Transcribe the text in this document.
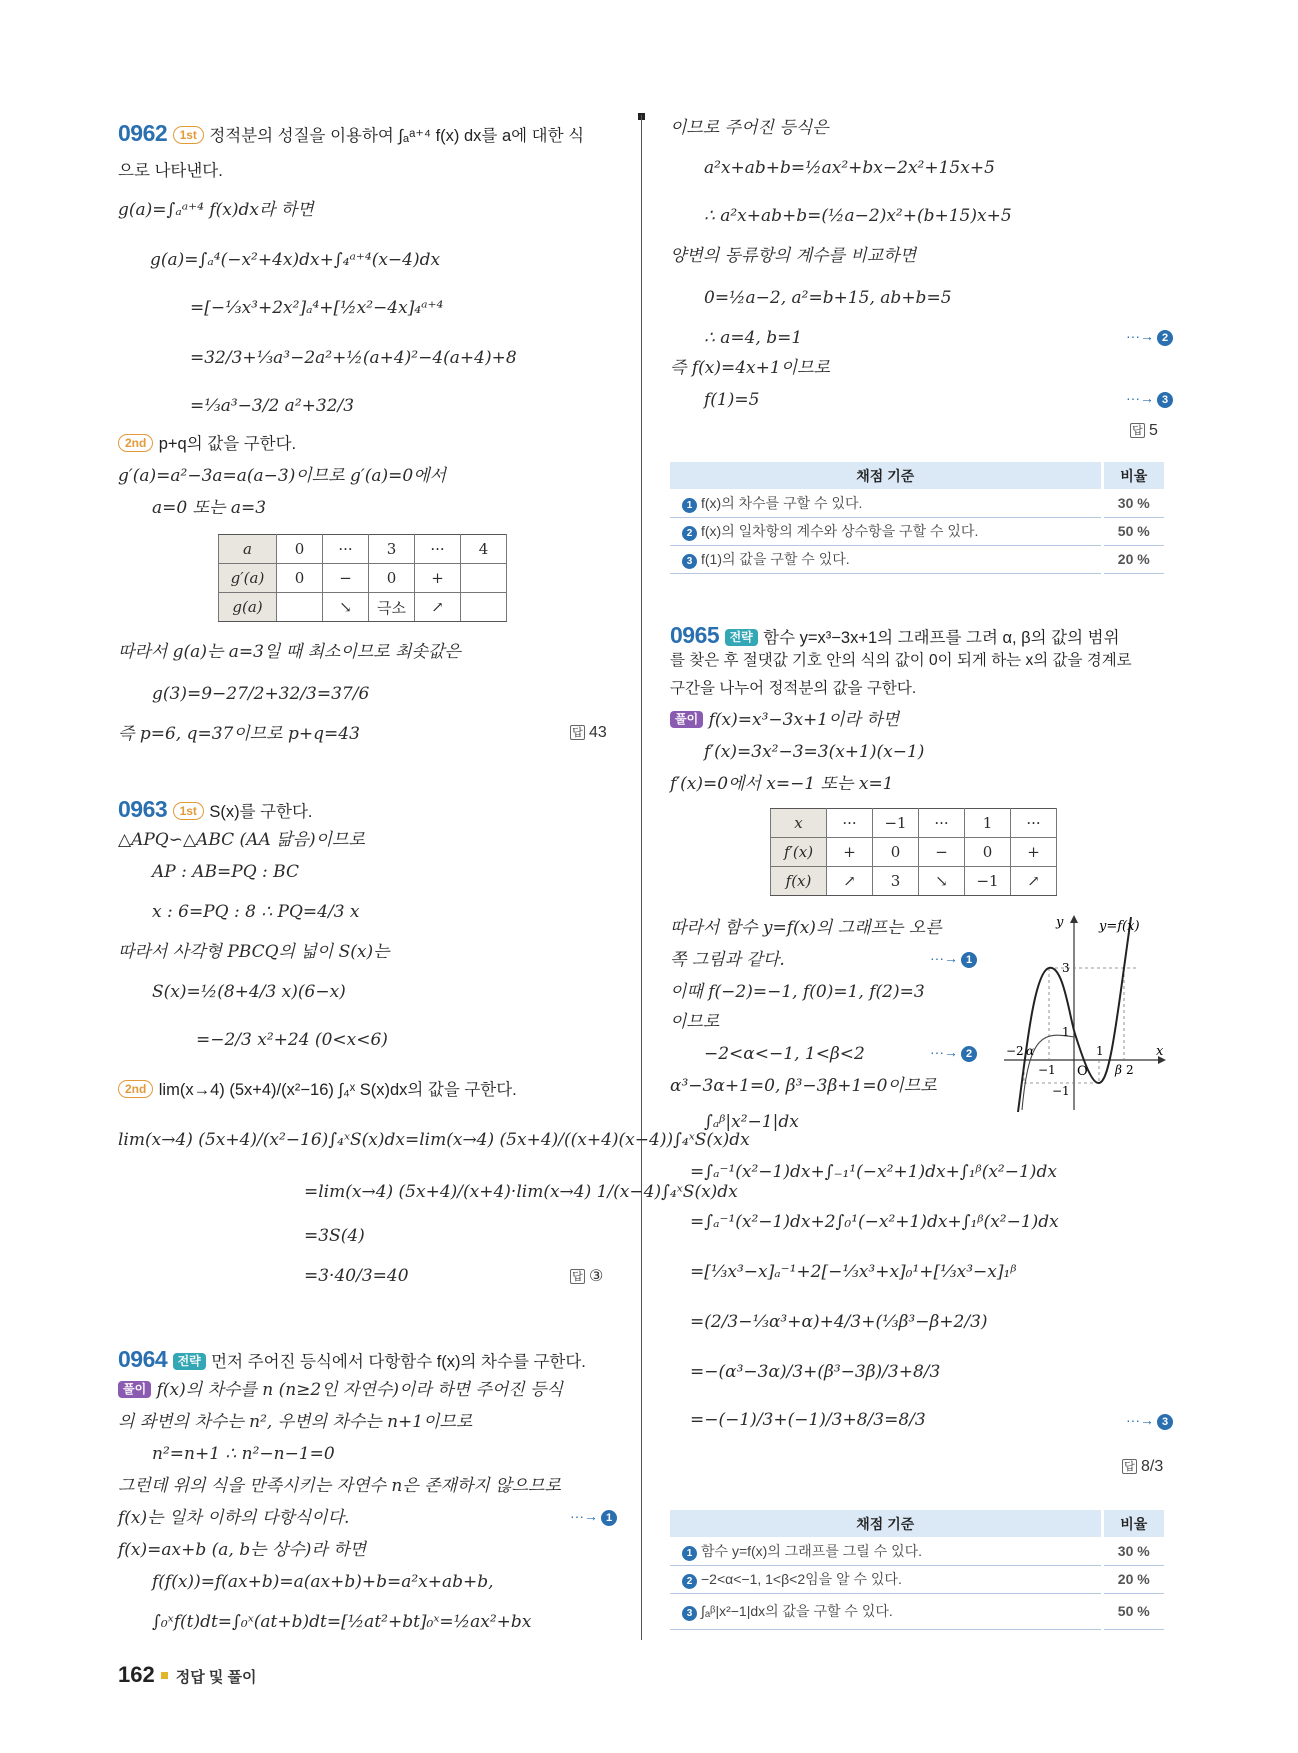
0962 1st 정적분의 성질을 이용하여 ∫ₐᵃ⁺⁴ f(x) dx를 a에 대한 식
으로 나타낸다.
g(a)=∫ₐᵃ⁺⁴ f(x)dx라 하면
g(a)=∫ₐ⁴(−x²+4x)dx+∫₄ᵃ⁺⁴(x−4)dx
=[−⅓x³+2x²]ₐ⁴+[½x²−4x]₄ᵃ⁺⁴
=32/3+⅓a³−2a²+½(a+4)²−4(a+4)+8
=⅓a³−3/2 a²+32/3
2nd p+q의 값을 구한다.
g′(a)=a²−3a=a(a−3)이므로 g′(a)=0에서
a=0 또는 a=3
a	0	···	3	···	4
g′(a)	0	−	0	+	
g(a)		↘	극소	↗	
따라서 g(a)는 a=3일 때 최소이므로 최솟값은
g(3)=9−27/2+32/3=37/6
즉 p=6, q=37이므로 p+q=43	답 43
0963 1st S(x)를 구한다.
△APQ∽△ABC (AA 닮음)이므로
AP : AB=PQ : BC
x : 6=PQ : 8 ∴ PQ=4/3 x
따라서 사각형 PBCQ의 넓이 S(x)는
S(x)=½(8+4/3 x)(6−x)
=−2/3 x²+24 (0<x<6)
2nd lim(x→4) (5x+4)/(x²−16) ∫₄ˣ S(x)dx의 값을 구한다.
lim(x→4) (5x+4)/(x²−16)∫₄ˣS(x)dx=lim(x→4) (5x+4)/((x+4)(x−4))∫₄ˣS(x)dx
=lim(x→4) (5x+4)/(x+4)·lim(x→4) 1/(x−4)∫₄ˣS(x)dx
=3S(4)
=3·40/3=40	답 ③
0964 전략 먼저 주어진 등식에서 다항함수 f(x)의 차수를 구한다.
풀이 f(x)의 차수를 n (n≥2인 자연수)이라 하면 주어진 등식
의 좌변의 차수는 n², 우변의 차수는 n+1이므로
n²=n+1 ∴ n²−n−1=0
그런데 위의 식을 만족시키는 자연수 n은 존재하지 않으므로
f(x)는 일차 이하의 다항식이다.	···→ 1
f(x)=ax+b (a, b는 상수)라 하면
f(f(x))=f(ax+b)=a(ax+b)+b=a²x+ab+b,
∫₀ˣf(t)dt=∫₀ˣ(at+b)dt=[½at²+bt]₀ˣ=½ax²+bx
이므로 주어진 등식은
a²x+ab+b=½ax²+bx−2x²+15x+5
∴ a²x+ab+b=(½a−2)x²+(b+15)x+5
양변의 동류항의 계수를 비교하면
0=½a−2, a²=b+15, ab+b=5
∴ a=4, b=1	···→ 2
즉 f(x)=4x+1이므로
f(1)=5	···→ 3
답 5
채점 기준	비율
1 f(x)의 차수를 구할 수 있다.	30 %
2 f(x)의 일차항의 계수와 상수항을 구할 수 있다.	50 %
3 f(1)의 값을 구할 수 있다.	20 %
0965 전략 함수 y=x³−3x+1의 그래프를 그려 α, β의 값의 범위
를 찾은 후 절댓값 기호 안의 식의 값이 0이 되게 하는 x의 값을 경계로
구간을 나누어 정적분의 값을 구한다.
풀이 f(x)=x³−3x+1이라 하면
f′(x)=3x²−3=3(x+1)(x−1)
f′(x)=0에서 x=−1 또는 x=1
x	···	−1	···	1	···
f′(x)	+	0	−	0	+
f(x)	↗	3	↘	−1	↗
따라서 함수 y=f(x)의 그래프는 오른
쪽 그림과 같다.	···→ 1
이때 f(−2)=−1, f(0)=1, f(2)=3
이므로
−2<α<−1, 1<β<2	···→ 2
α³−3α+1=0, β³−3β+1=0이므로
y	y=f(x)
x
O
−2 α
−1
1
β 2
3
1
−1
∫ₐᵝ|x²−1|dx
=∫ₐ⁻¹(x²−1)dx+∫₋₁¹(−x²+1)dx+∫₁ᵝ(x²−1)dx
=∫ₐ⁻¹(x²−1)dx+2∫₀¹(−x²+1)dx+∫₁ᵝ(x²−1)dx
=[⅓x³−x]ₐ⁻¹+2[−⅓x³+x]₀¹+[⅓x³−x]₁ᵝ
=(2/3−⅓α³+α)+4/3+(⅓β³−β+2/3)
=−(α³−3α)/3+(β³−3β)/3+8/3
=−(−1)/3+(−1)/3+8/3=8/3	···→ 3
답 8/3
채점 기준	비율
1 함수 y=f(x)의 그래프를 그릴 수 있다.	30 %
2 −2<α<−1, 1<β<2임을 알 수 있다.	20 %
3 ∫ₐᵝ|x²−1|dx의 값을 구할 수 있다.	50 %
162 정답 및 풀이
